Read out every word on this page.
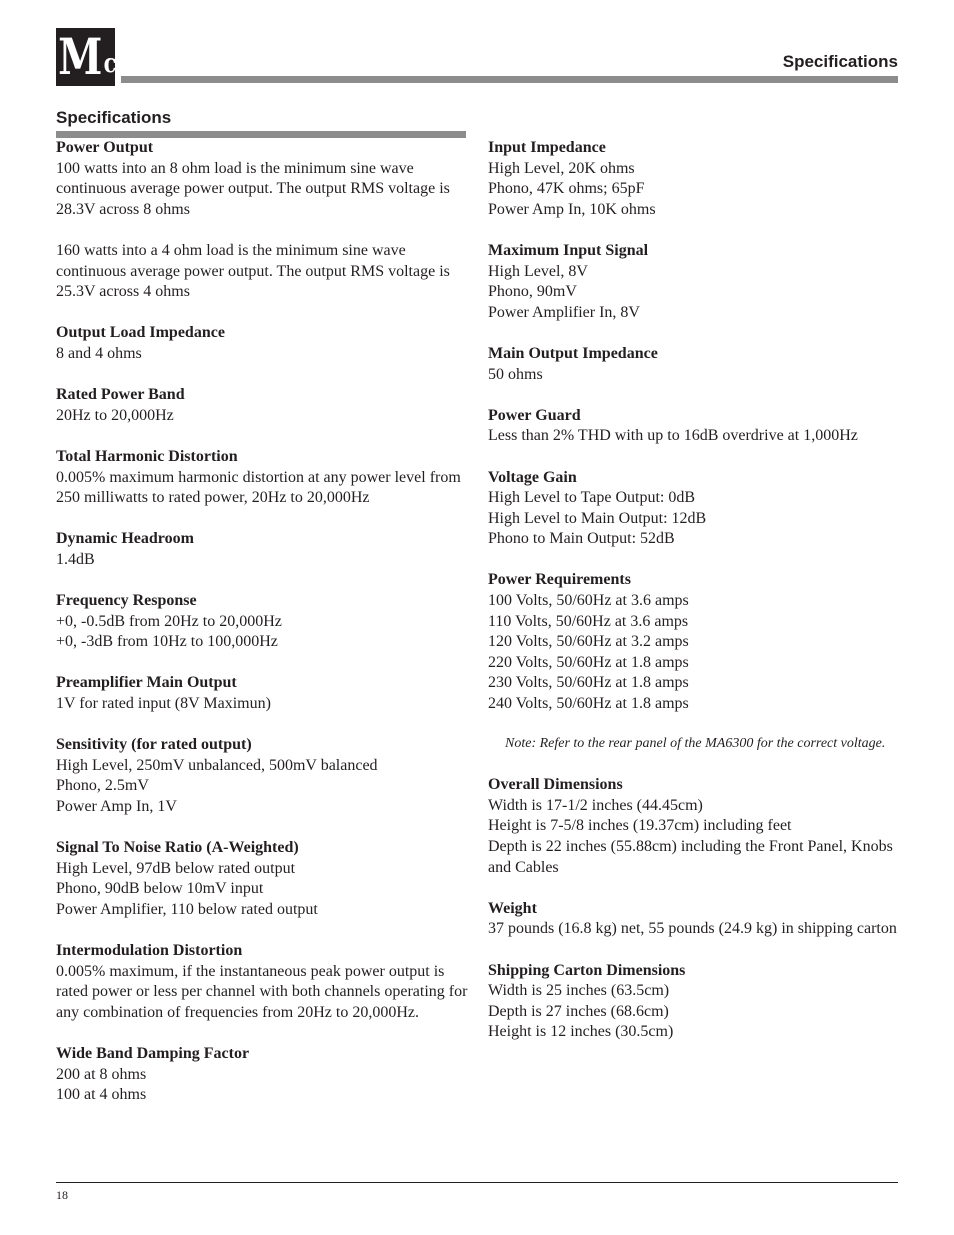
M c	Specifications
Specifications
Power Output
100 watts into an 8 ohm load is the minimum sine wave continuous average power output. The output RMS voltage is 28.3V across 8 ohms
160 watts into a 4 ohm load is the minimum sine wave continuous average power output. The output RMS voltage is 25.3V across 4 ohms
Output Load Impedance
8 and 4 ohms
Rated Power Band
20Hz to 20,000Hz
Total Harmonic Distortion
0.005% maximum harmonic distortion at any power level from 250 milliwatts to rated power, 20Hz to 20,000Hz
Dynamic Headroom
1.4dB
Frequency Response
+0, -0.5dB from 20Hz to 20,000Hz
+0, -3dB from 10Hz to 100,000Hz
Preamplifier Main Output
1V for rated input (8V Maximun)
Sensitivity (for rated output)
High Level, 250mV unbalanced, 500mV balanced
Phono, 2.5mV
Power Amp In, 1V
Signal To Noise Ratio (A-Weighted)
High Level, 97dB below rated output
Phono, 90dB below 10mV input
Power Amplifier, 110 below rated output
Intermodulation Distortion
0.005% maximum, if the instantaneous peak power output is rated power or less per channel with both channels operating for any combination of frequencies from 20Hz to 20,000Hz.
Wide Band Damping Factor
200 at 8 ohms
100 at 4 ohms
Input Impedance
High Level, 20K ohms
Phono, 47K ohms; 65pF
Power Amp In, 10K ohms
Maximum Input Signal
High Level, 8V
Phono, 90mV
Power Amplifier In, 8V
Main Output Impedance
50 ohms
Power Guard
Less than 2% THD with up to 16dB overdrive at 1,000Hz
Voltage Gain
High Level to Tape Output: 0dB
High Level to Main Output: 12dB
Phono to Main Output: 52dB
Power Requirements
100 Volts, 50/60Hz at 3.6 amps
110 Volts, 50/60Hz at 3.6 amps
120 Volts, 50/60Hz at 3.2 amps
220 Volts, 50/60Hz at 1.8 amps
230 Volts, 50/60Hz at 1.8 amps
240 Volts, 50/60Hz at 1.8 amps
Note: Refer to the rear panel of the MA6300 for the correct voltage.
Overall Dimensions
Width is 17-1/2 inches (44.45cm)
Height is 7-5/8 inches (19.37cm) including feet
Depth is 22 inches (55.88cm) including the Front Panel, Knobs and Cables
Weight
37 pounds (16.8 kg) net, 55 pounds (24.9 kg) in shipping carton
Shipping Carton Dimensions
Width is 25 inches (63.5cm)
Depth is 27 inches (68.6cm)
Height is 12 inches (30.5cm)
18
